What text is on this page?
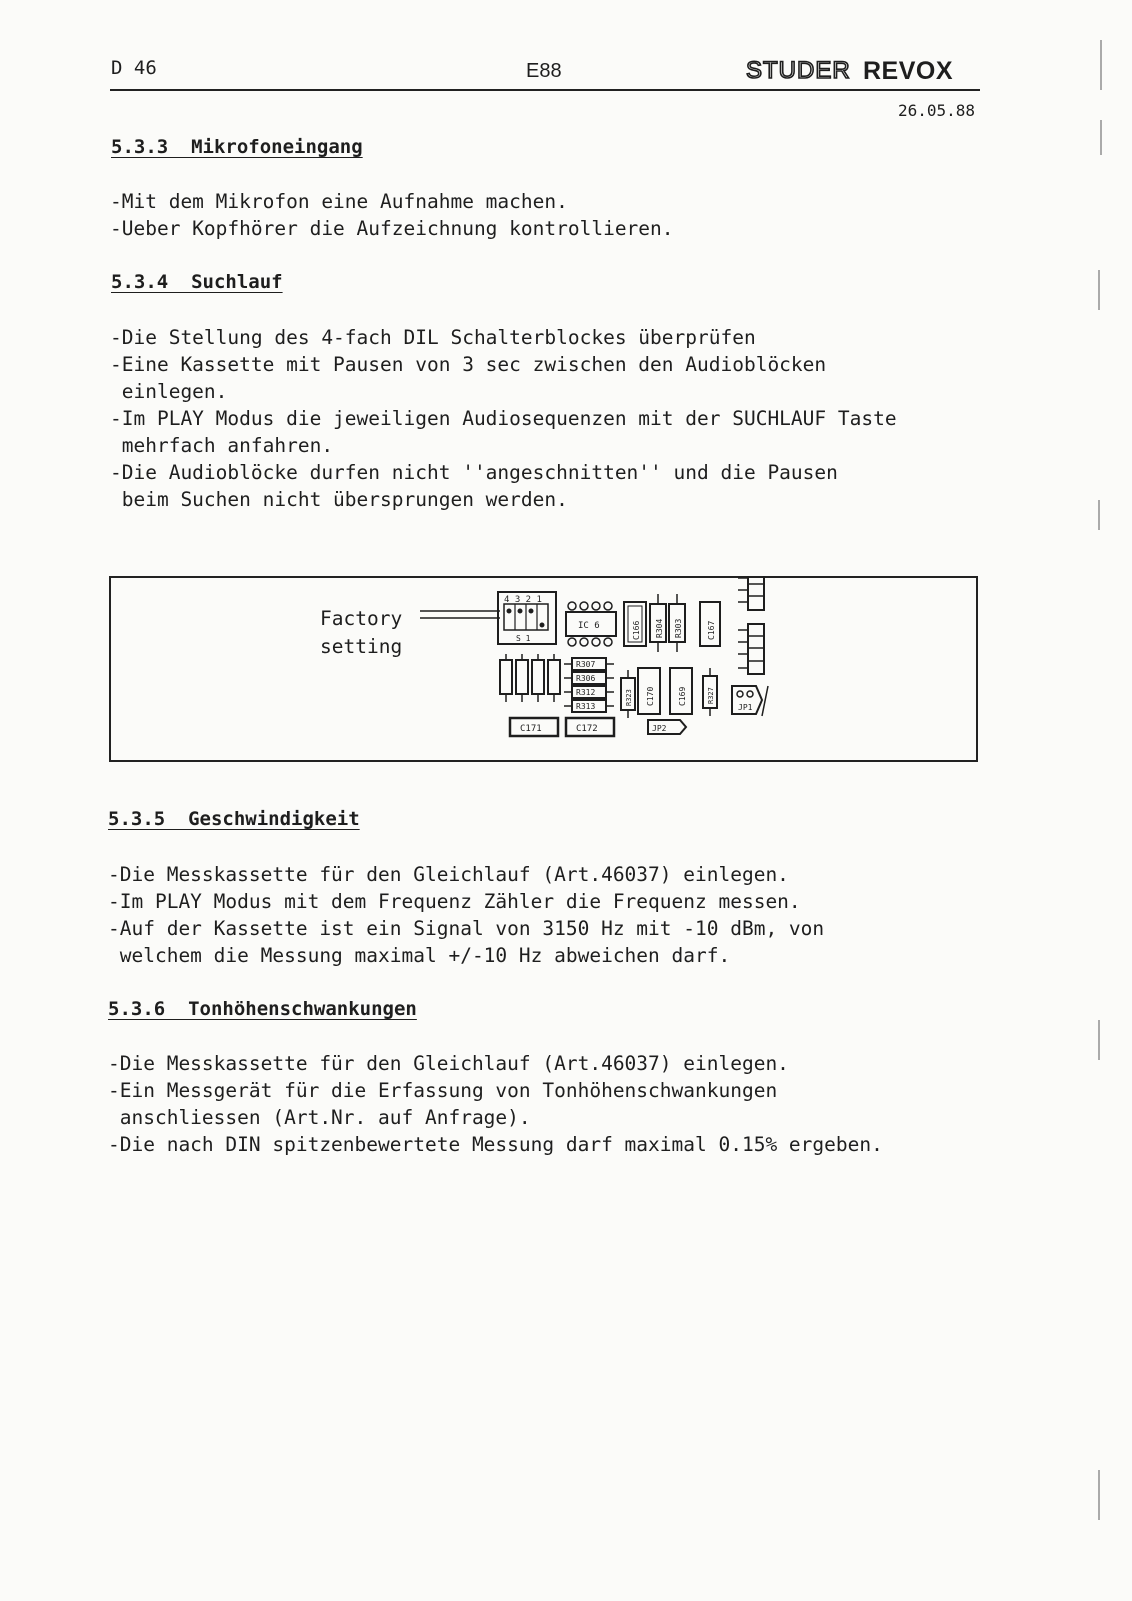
D 46	E88	STUDER REVOX
26.05.88
5.3.3  Mikrofoneingang
-Mit dem Mikrofon eine Aufnahme machen.
-Ueber Kopfhörer die Aufzeichnung kontrollieren.
5.3.4  Suchlauf
-Die Stellung des 4-fach DIL Schalterblockes überprüfen
-Eine Kassette mit Pausen von 3 sec zwischen den Audioblöcken
einlegen.
-Im PLAY Modus die jeweiligen Audiosequenzen mit der SUCHLAUF Taste
mehrfach anfahren.
-Die Audioblöcke durfen nicht ''angeschnitten'' und die Pausen
beim Suchen nicht übersprungen werden.
Factory
setting
4 3 2 1
S 1
IC 6	C166 R304 R303	C167
R307
R306
R312
R313
C170	C169
R323	R327
JP1
C171	C172	JP2
5.3.5  Geschwindigkeit
-Die Messkassette für den Gleichlauf (Art.46037) einlegen.
-Im PLAY Modus mit dem Frequenz Zähler die Frequenz messen.
-Auf der Kassette ist ein Signal von 3150 Hz mit -10 dBm, von
welchem die Messung maximal +/-10 Hz abweichen darf.
5.3.6  Tonhöhenschwankungen
-Die Messkassette für den Gleichlauf (Art.46037) einlegen.
-Ein Messgerät für die Erfassung von Tonhöhenschwankungen
anschliessen (Art.Nr. auf Anfrage).
-Die nach DIN spitzenbewertete Messung darf maximal 0.15% ergeben.
